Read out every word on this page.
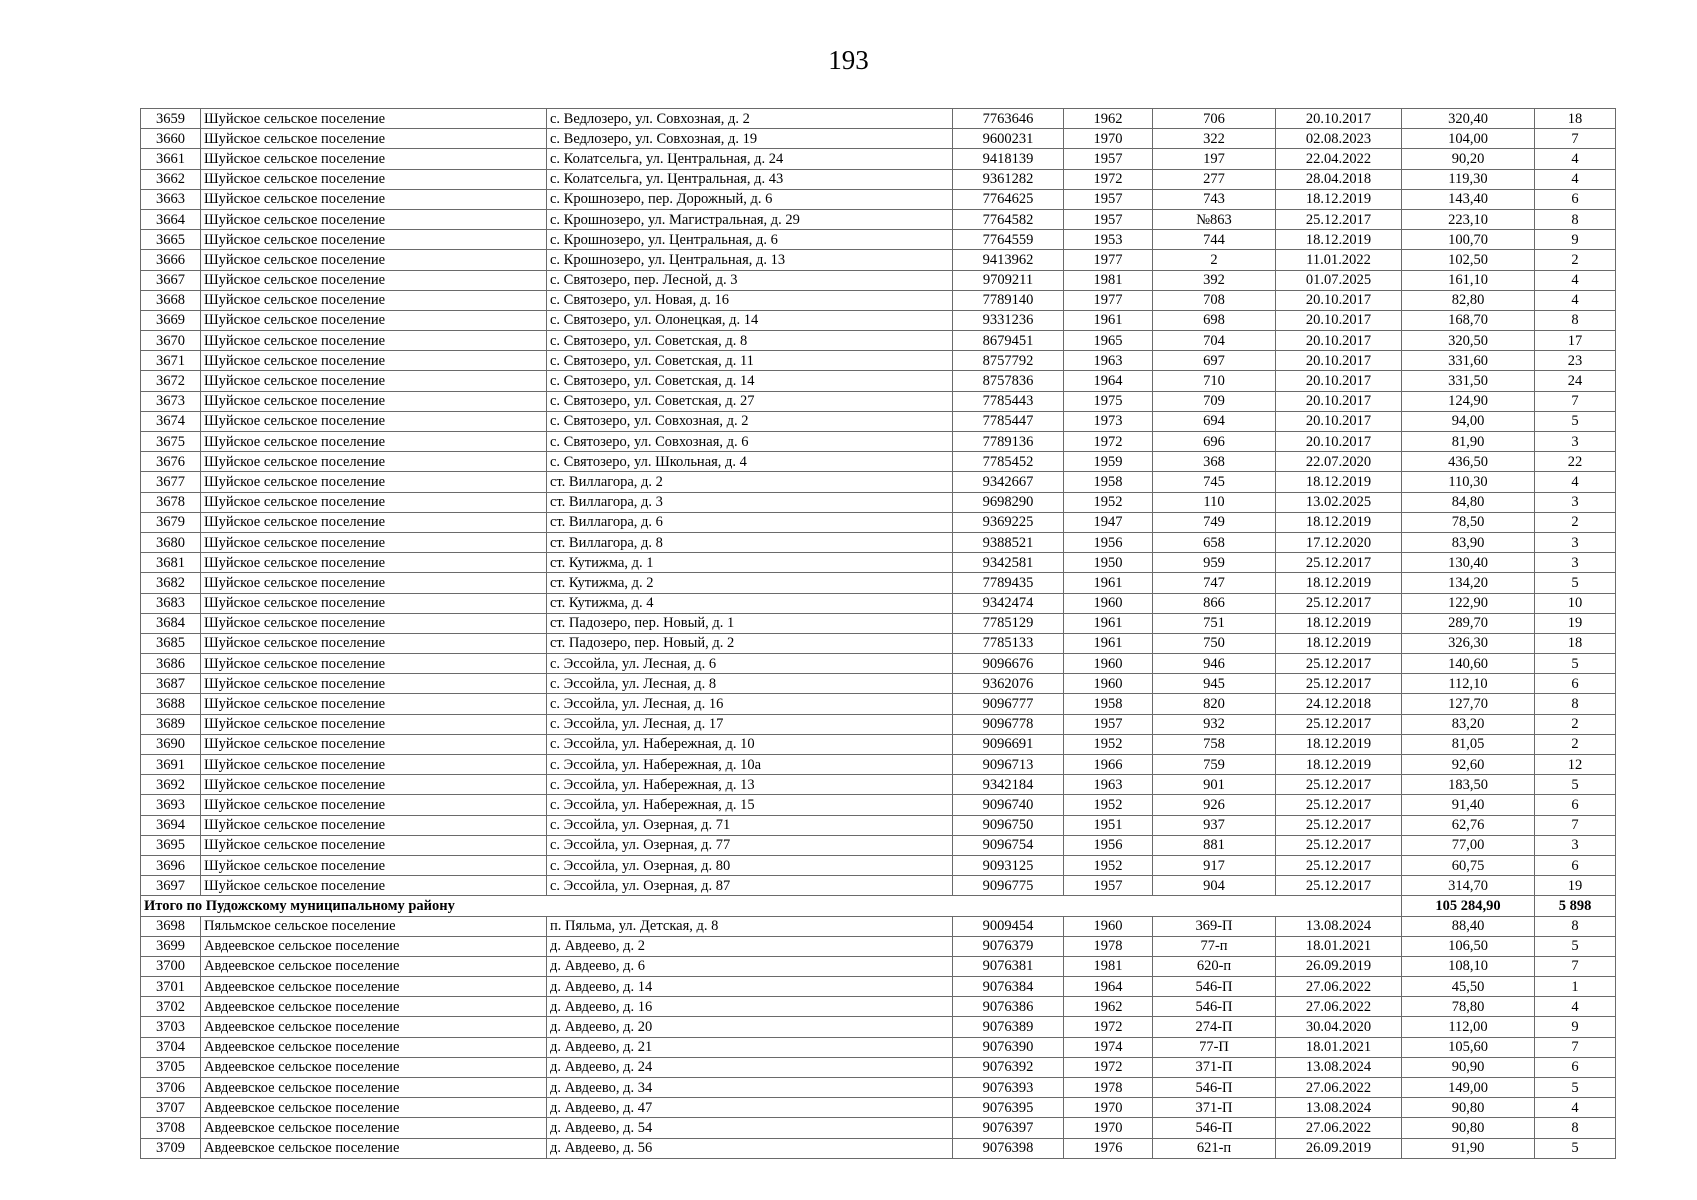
193
3659	Шуйское сельское поселение	с. Ведлозеро, ул. Совхозная, д. 2	7763646	1962	706	20.10.2017	320,40	18
3660	Шуйское сельское поселение	с. Ведлозеро, ул. Совхозная, д. 19	9600231	1970	322	02.08.2023	104,00	7
3661	Шуйское сельское поселение	с. Колатсельга, ул. Центральная, д. 24	9418139	1957	197	22.04.2022	90,20	4
3662	Шуйское сельское поселение	с. Колатсельга, ул. Центральная, д. 43	9361282	1972	277	28.04.2018	119,30	4
3663	Шуйское сельское поселение	с. Крошнозеро, пер. Дорожный, д. 6	7764625	1957	743	18.12.2019	143,40	6
3664	Шуйское сельское поселение	с. Крошнозеро, ул. Магистральная, д. 29	7764582	1957	№863	25.12.2017	223,10	8
3665	Шуйское сельское поселение	с. Крошнозеро, ул. Центральная, д. 6	7764559	1953	744	18.12.2019	100,70	9
3666	Шуйское сельское поселение	с. Крошнозеро, ул. Центральная, д. 13	9413962	1977	2	11.01.2022	102,50	2
3667	Шуйское сельское поселение	с. Святозеро, пер. Лесной, д. 3	9709211	1981	392	01.07.2025	161,10	4
3668	Шуйское сельское поселение	с. Святозеро, ул. Новая, д. 16	7789140	1977	708	20.10.2017	82,80	4
3669	Шуйское сельское поселение	с. Святозеро, ул. Олонецкая, д. 14	9331236	1961	698	20.10.2017	168,70	8
3670	Шуйское сельское поселение	с. Святозеро, ул. Советская, д. 8	8679451	1965	704	20.10.2017	320,50	17
3671	Шуйское сельское поселение	с. Святозеро, ул. Советская, д. 11	8757792	1963	697	20.10.2017	331,60	23
3672	Шуйское сельское поселение	с. Святозеро, ул. Советская, д. 14	8757836	1964	710	20.10.2017	331,50	24
3673	Шуйское сельское поселение	с. Святозеро, ул. Советская, д. 27	7785443	1975	709	20.10.2017	124,90	7
3674	Шуйское сельское поселение	с. Святозеро, ул. Совхозная, д. 2	7785447	1973	694	20.10.2017	94,00	5
3675	Шуйское сельское поселение	с. Святозеро, ул. Совхозная, д. 6	7789136	1972	696	20.10.2017	81,90	3
3676	Шуйское сельское поселение	с. Святозеро, ул. Школьная, д. 4	7785452	1959	368	22.07.2020	436,50	22
3677	Шуйское сельское поселение	ст. Виллагора, д. 2	9342667	1958	745	18.12.2019	110,30	4
3678	Шуйское сельское поселение	ст. Виллагора, д. 3	9698290	1952	110	13.02.2025	84,80	3
3679	Шуйское сельское поселение	ст. Виллагора, д. 6	9369225	1947	749	18.12.2019	78,50	2
3680	Шуйское сельское поселение	ст. Виллагора, д. 8	9388521	1956	658	17.12.2020	83,90	3
3681	Шуйское сельское поселение	ст. Кутижма, д. 1	9342581	1950	959	25.12.2017	130,40	3
3682	Шуйское сельское поселение	ст. Кутижма, д. 2	7789435	1961	747	18.12.2019	134,20	5
3683	Шуйское сельское поселение	ст. Кутижма, д. 4	9342474	1960	866	25.12.2017	122,90	10
3684	Шуйское сельское поселение	ст. Падозеро, пер. Новый, д. 1	7785129	1961	751	18.12.2019	289,70	19
3685	Шуйское сельское поселение	ст. Падозеро, пер. Новый, д. 2	7785133	1961	750	18.12.2019	326,30	18
3686	Шуйское сельское поселение	с. Эссойла, ул. Лесная, д. 6	9096676	1960	946	25.12.2017	140,60	5
3687	Шуйское сельское поселение	с. Эссойла, ул. Лесная, д. 8	9362076	1960	945	25.12.2017	112,10	6
3688	Шуйское сельское поселение	с. Эссойла, ул. Лесная, д. 16	9096777	1958	820	24.12.2018	127,70	8
3689	Шуйское сельское поселение	с. Эссойла, ул. Лесная, д. 17	9096778	1957	932	25.12.2017	83,20	2
3690	Шуйское сельское поселение	с. Эссойла, ул. Набережная, д. 10	9096691	1952	758	18.12.2019	81,05	2
3691	Шуйское сельское поселение	с. Эссойла, ул. Набережная, д. 10а	9096713	1966	759	18.12.2019	92,60	12
3692	Шуйское сельское поселение	с. Эссойла, ул. Набережная, д. 13	9342184	1963	901	25.12.2017	183,50	5
3693	Шуйское сельское поселение	с. Эссойла, ул. Набережная, д. 15	9096740	1952	926	25.12.2017	91,40	6
3694	Шуйское сельское поселение	с. Эссойла, ул. Озерная, д. 71	9096750	1951	937	25.12.2017	62,76	7
3695	Шуйское сельское поселение	с. Эссойла, ул. Озерная, д. 77	9096754	1956	881	25.12.2017	77,00	3
3696	Шуйское сельское поселение	с. Эссойла, ул. Озерная, д. 80	9093125	1952	917	25.12.2017	60,75	6
3697	Шуйское сельское поселение	с. Эссойла, ул. Озерная, д. 87	9096775	1957	904	25.12.2017	314,70	19
Итого по Пудожскому муниципальному району							105 284,90	5 898
3698	Пяльмское сельское поселение	п. Пяльма, ул. Детская, д. 8	9009454	1960	369-П	13.08.2024	88,40	8
3699	Авдеевское сельское поселение	д. Авдеево, д. 2	9076379	1978	77-п	18.01.2021	106,50	5
3700	Авдеевское сельское поселение	д. Авдеево, д. 6	9076381	1981	620-п	26.09.2019	108,10	7
3701	Авдеевское сельское поселение	д. Авдеево, д. 14	9076384	1964	546-П	27.06.2022	45,50	1
3702	Авдеевское сельское поселение	д. Авдеево, д. 16	9076386	1962	546-П	27.06.2022	78,80	4
3703	Авдеевское сельское поселение	д. Авдеево, д. 20	9076389	1972	274-П	30.04.2020	112,00	9
3704	Авдеевское сельское поселение	д. Авдеево, д. 21	9076390	1974	77-П	18.01.2021	105,60	7
3705	Авдеевское сельское поселение	д. Авдеево, д. 24	9076392	1972	371-П	13.08.2024	90,90	6
3706	Авдеевское сельское поселение	д. Авдеево, д. 34	9076393	1978	546-П	27.06.2022	149,00	5
3707	Авдеевское сельское поселение	д. Авдеево, д. 47	9076395	1970	371-П	13.08.2024	90,80	4
3708	Авдеевское сельское поселение	д. Авдеево, д. 54	9076397	1970	546-П	27.06.2022	90,80	8
3709	Авдеевское сельское поселение	д. Авдеево, д. 56	9076398	1976	621-п	26.09.2019	91,90	5
